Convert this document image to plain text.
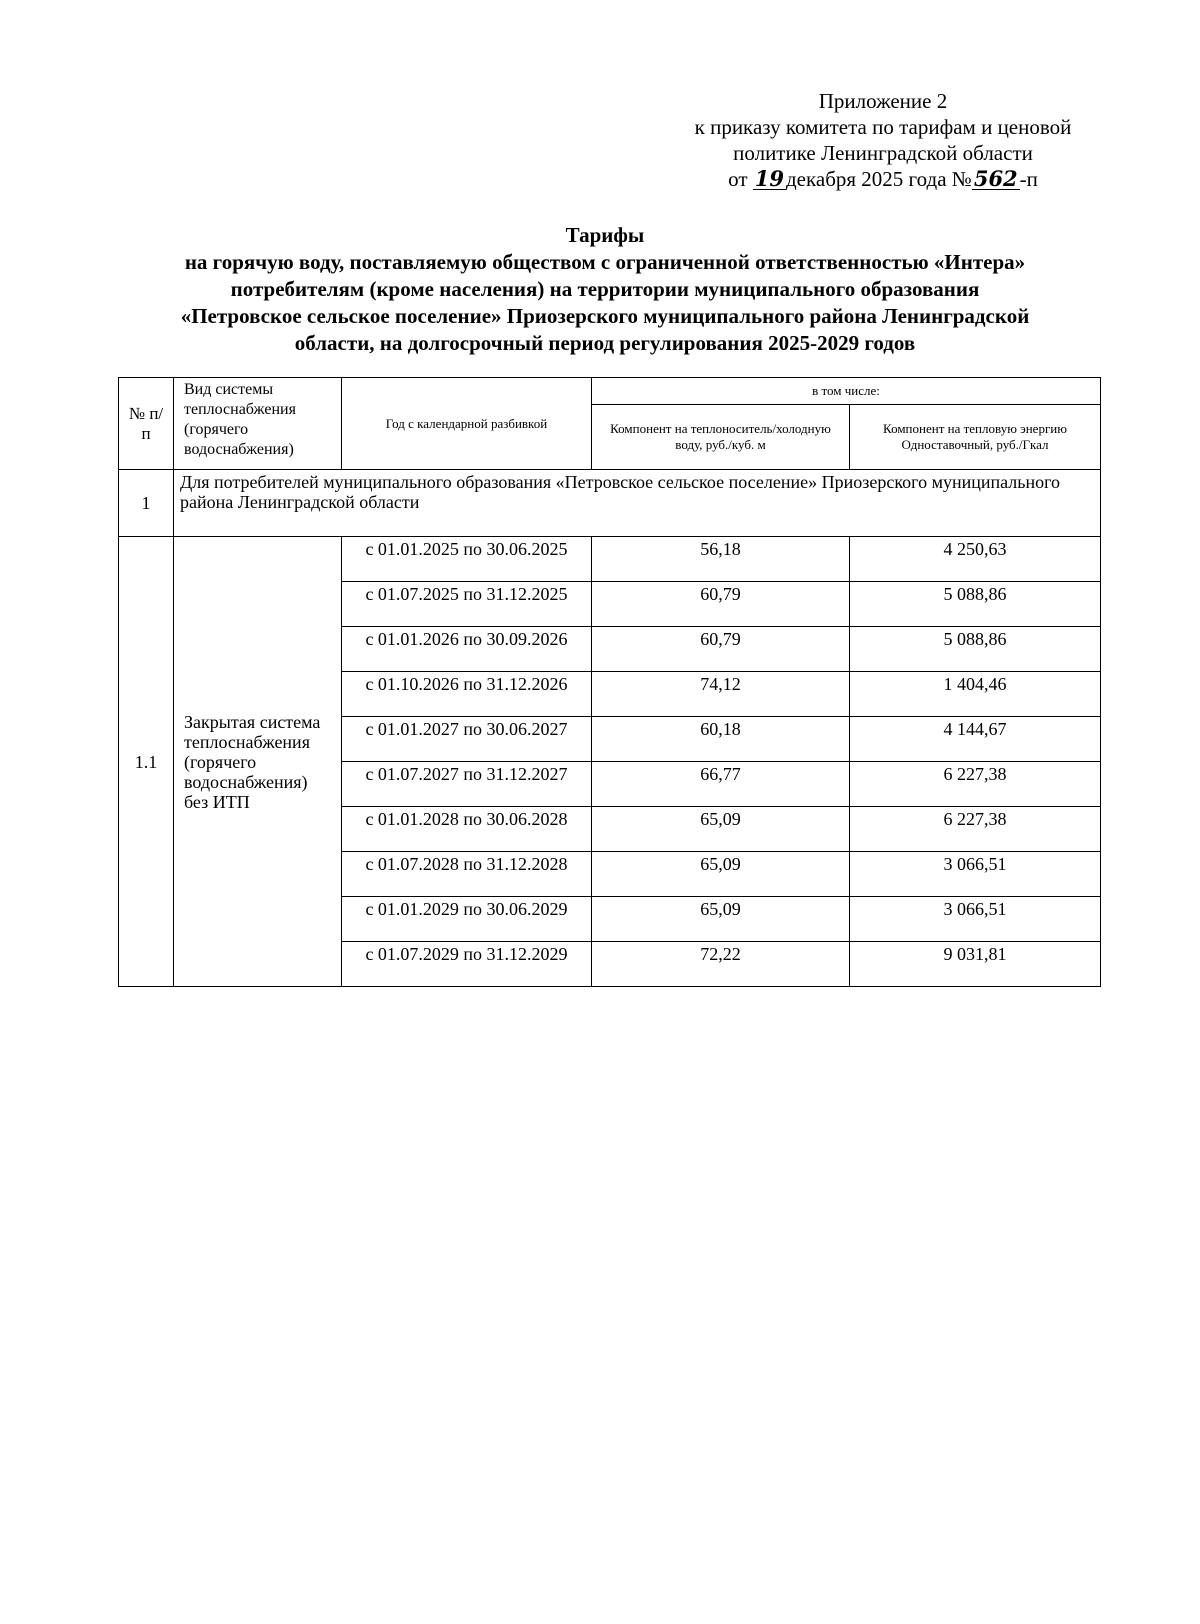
Приложение 2
к приказу комитета по тарифам и ценовой
политике Ленинградской области
от 19декабря 2025 года №562-п
Тарифы
на горячую воду, поставляемую обществом с ограниченной ответственностью «Интера»
потребителям (кроме населения) на территории муниципального образования
«Петровское сельское поселение» Приозерского муниципального района Ленинградской
области, на долгосрочный период регулирования 2025-2029 годов
№ п/п	Вид системы теплоснабжения (горячего водоснабжения)	Год с календарной разбивкой	в том числе:	
			Компонент на теплоноситель/холодную воду, руб./куб. м	Компонент на тепловую энергию Одноставочный, руб./Гкал
1	Для потребителей муниципального образования «Петровское сельское поселение» Приозерского муниципального района Ленинградской области			
1.1	Закрытая система теплоснабжения (горячего водоснабжения) без ИТП	с 01.01.2025 по 30.06.2025	56,18	4 250,63
		с 01.07.2025 по 31.12.2025	60,79	5 088,86
		с 01.01.2026 по 30.09.2026	60,79	5 088,86
		с 01.10.2026 по 31.12.2026	74,12	1 404,46
		с 01.01.2027 по 30.06.2027	60,18	4 144,67
		с 01.07.2027 по 31.12.2027	66,77	6 227,38
		с 01.01.2028 по 30.06.2028	65,09	6 227,38
		с 01.07.2028 по 31.12.2028	65,09	3 066,51
		с 01.01.2029 по 30.06.2029	65,09	3 066,51
		с 01.07.2029 по 31.12.2029	72,22	9 031,81
